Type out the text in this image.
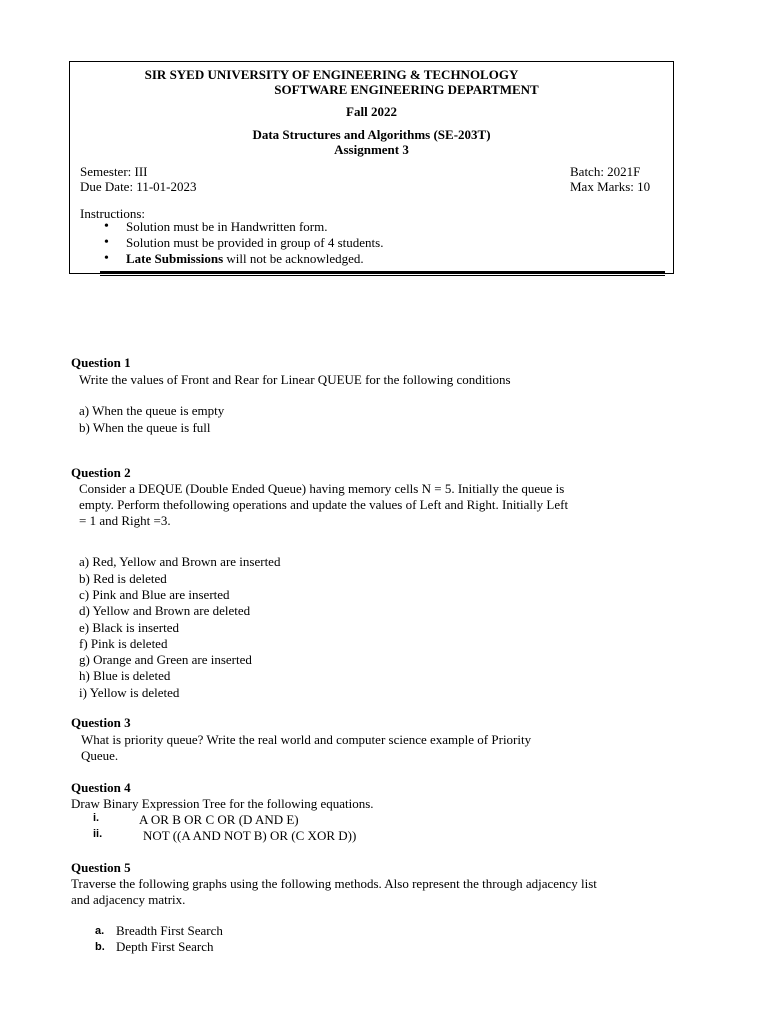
SIR SYED UNIVERSITY OF ENGINEERING & TECHNOLOGY
SOFTWARE ENGINEERING DEPARTMENT
Fall 2022
Data Structures and Algorithms (SE-203T)
Assignment 3
Semester: III
Due Date: 11-01-2023
Batch: 2021F
Max Marks: 10
Instructions:
• Solution must be in Handwritten form.
• Solution must be provided in group of 4 students.
• Late Submissions will not be acknowledged.
Question 1
Write the values of Front and Rear for Linear QUEUE for the following conditions
a) When the queue is empty
b) When the queue is full
Question 2
Consider a DEQUE (Double Ended Queue) having memory cells N = 5. Initially the queue is
empty. Perform thefollowing operations and update the values of Left and Right. Initially Left
= 1 and Right =3.
a) Red, Yellow and Brown are inserted
b) Red is deleted
c) Pink and Blue are inserted
d) Yellow and Brown are deleted
e) Black is inserted
f) Pink is deleted
g) Orange and Green are inserted
h) Blue is deleted
i) Yellow is deleted
Question 3
What is priority queue? Write the real world and computer science example of Priority
Queue.
Question 4
Draw Binary Expression Tree for the following equations.
i.	A OR B OR C OR (D AND E)
ii.	NOT ((A AND NOT B) OR (C XOR D))
Question 5
Traverse the following graphs using the following methods. Also represent the through adjacency list
and adjacency matrix.
a. Breadth First Search
b. Depth First Search
